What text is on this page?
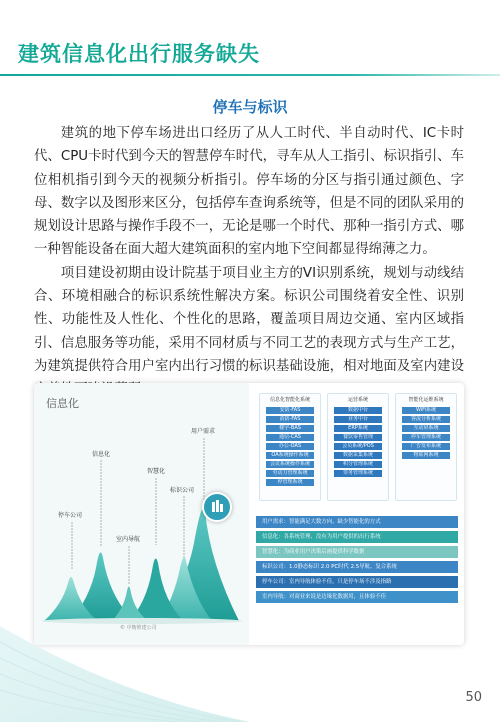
建筑信息化出行服务缺失
停车与标识

建筑的地下停车场进出口经历了从人工时代、半自动时代、IC卡时代、CPU卡时代到今天的智慧停车时代，寻车从人工指引、标识指引、车位相机指引到今天的视频分析指引。停车场的分区与指引通过颜色、字母、数字以及图形来区分，包括停车查询系统等，但是不同的团队采用的规划设计思路与操作手段不一，无论是哪一个时代、那种一指引方式、哪一种智能设备在面大超大建筑面积的室内地下空间都显得绵薄之力。

项目建设初期由设计院基于项目业主方的VI识别系统，规划与动线结合、环境相融合的标识系统性解决方案。标识公司围绕着安全性、识别性、功能性及人性化、个性化的思路，覆盖项目周边交通、室内区域指引、信息服务等功能，采用不同材质与不同工艺的表现方式与生产工艺，为建筑提供符合用户室内出行习惯的标识基础设施，相对地面及室内建设

信息化
停车公司
信息化
室内导航
智慧化
标识公司
用户需求
© 中衡维建公司
信息化智能化系统
安防-FAS
消防-FAS
楼宇-BAS
通信-CAS
办公-OAS
OA系统操作系统
会议系统操作系统
劳动力管理系统
停管理系统
运营系统
数据中台
业务中台
ERP系统
餐饮零售管理
会员系统/POS
数据采集系统
积分管理系统
票务管理系统
智能化运维系统
WiFi系统
客流分析系统
互动屏系统
停车管理系统
广告发布系统
物联网系统
用户需求：智能满足大数方向、缺少智能化的方式
信息化：各系统管理、没有为用户提供的出行系统
智慧化：为商业用户决策后画提供科学数据
标识公司：1.0静态标识 2.0 PC时代 2.5导航、复合系统
停车公司：室内导航体验不佳，只是停车场不涉及指路
室内导航：对商业来说是边缘化数据用，且体验不佳
50
